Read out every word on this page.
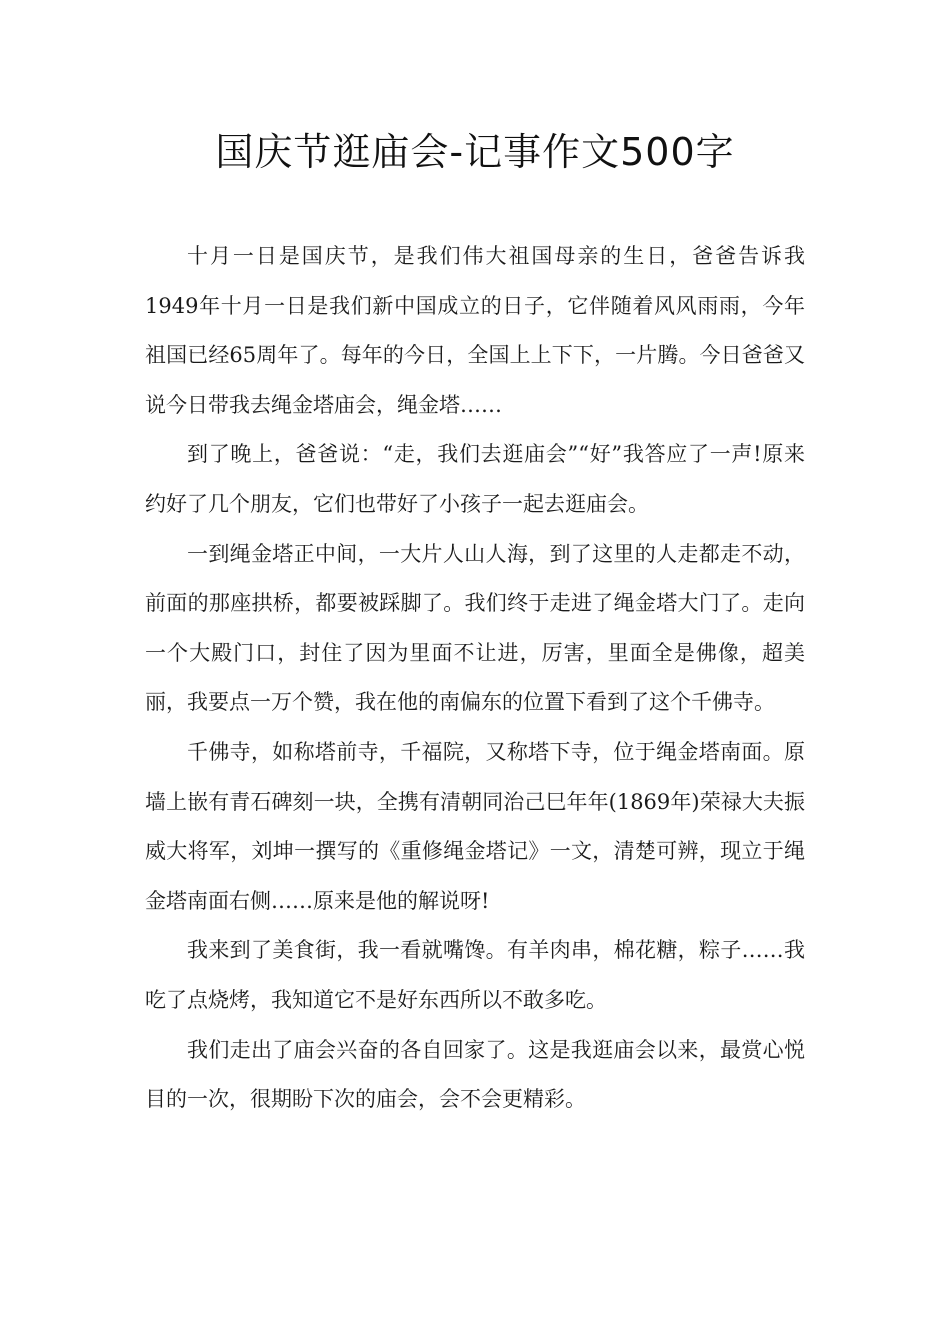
国庆节逛庙会-记事作文500字

十月一日是国庆节，是我们伟大祖国母亲的生日，爸爸告诉我1949年十月一日是我们新中国成立的日子，它伴随着风风雨雨，今年祖国已经65周年了。每年的今日，全国上上下下，一片腾。今日爸爸又说今日带我去绳金塔庙会，绳金塔……

到了晚上，爸爸说：“走，我们去逛庙会”“好”我答应了一声!原来约好了几个朋友，它们也带好了小孩子一起去逛庙会。

一到绳金塔正中间，一大片人山人海，到了这里的人走都走不动，前面的那座拱桥，都要被踩脚了。我们终于走进了绳金塔大门了。走向一个大殿门口，封住了因为里面不让进，厉害，里面全是佛像，超美丽，我要点一万个赞，我在他的南偏东的位置下看到了这个千佛寺。

千佛寺，如称塔前寺，千福院，又称塔下寺，位于绳金塔南面。原墙上嵌有青石碑刻一块，全携有清朝同治己巳年年(1869年)荣禄大夫振威大将军，刘坤一撰写的《重修绳金塔记》一文，清楚可辨，现立于绳金塔南面右侧……原来是他的解说呀!

我来到了美食街，我一看就嘴馋。有羊肉串，棉花糖，粽子……我吃了点烧烤，我知道它不是好东西所以不敢多吃。

我们走出了庙会兴奋的各自回家了。这是我逛庙会以来，最赏心悦目的一次，很期盼下次的庙会，会不会更精彩。
